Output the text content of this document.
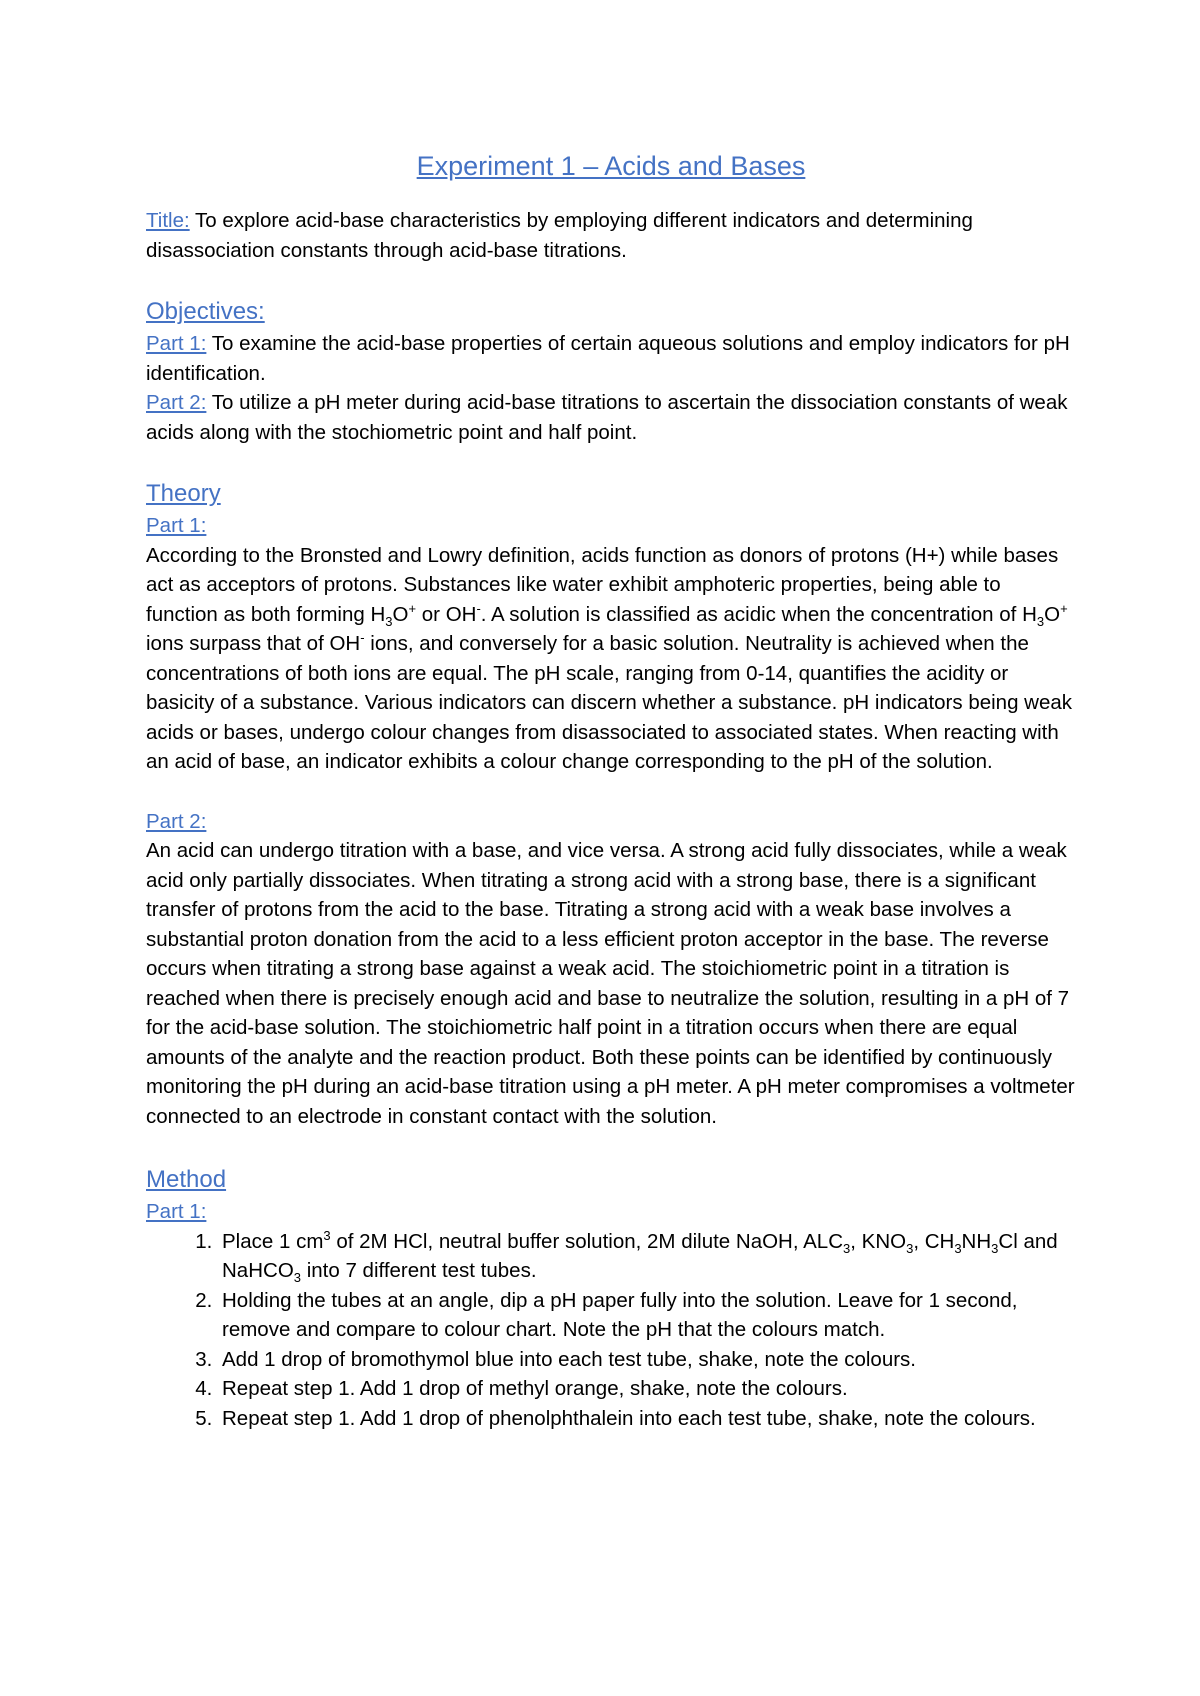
Experiment 1 – Acids and Bases

Title: To explore acid-base characteristics by employing different indicators and determining disassociation constants through acid-base titrations.

Objectives:

Part 1: To examine the acid-base properties of certain aqueous solutions and employ indicators for pH identification.

Part 2: To utilize a pH meter during acid-base titrations to ascertain the dissociation constants of weak acids along with the stochiometric point and half point.

Theory
Part 1:

According to the Bronsted and Lowry definition, acids function as donors of protons (H+) while bases act as acceptors of protons. Substances like water exhibit amphoteric properties, being able to function as both forming $H_3O^+$ or OH-. A solution is classified as acidic when the concentration of $H_3O^+$ ions surpass that of OH- ions, and conversely for a basic solution. Neutrality is achieved when the concentrations of both ions are equal. The pH scale, ranging from 0-14, quantifies the acidity or basicity of a substance. Various indicators can discern whether a substance. pH indicators being weak acids or bases, undergo colour changes from disassociated to associated states. When reacting with an acid of base, an indicator exhibits a colour change corresponding to the pH of the solution.

Part 2:

An acid can undergo titration with a base, and vice versa. A strong acid fully dissociates, while a weak acid only partially dissociates. When titrating a strong acid with a strong base, there is a significant transfer of protons from the acid to the base. Titrating a strong acid with a weak base involves a substantial proton donation from the acid to a less efficient proton acceptor in the base. The reverse occurs when titrating a strong base against a weak acid. The stoichiometric point in a titration is reached when there is precisely enough acid and base to neutralize the solution, resulting in a pH of 7 for the acid-base solution. The stoichiometric half point in a titration occurs when there are equal amounts of the analyte and the reaction product. Both these points can be identified by continuously monitoring the pH during an acid-base titration using a pH meter. A pH meter compromises a voltmeter connected to an electrode in constant contact with the solution.

Method
Part 1:
1. Place 1 $cm^3$ of 2M HCl, neutral buffer solution, 2M dilute NaOH, $ALC_3$, $KNO_3$, $CH_3NH_3Cl$ and NaHCO$_3$ into 7 different test tubes.
2. Holding the tubes at an angle, dip a pH paper fully into the solution. Leave for 1 second, remove and compare to colour chart. Note the pH that the colours match.
3. Add 1 drop of bromothymol blue into each test tube, shake, note the colours.
4. Repeat step 1. Add 1 drop of methyl orange, shake, note the colours.
5. Repeat step 1. Add 1 drop of phenolphthalein into each test tube, shake, note the colours.
